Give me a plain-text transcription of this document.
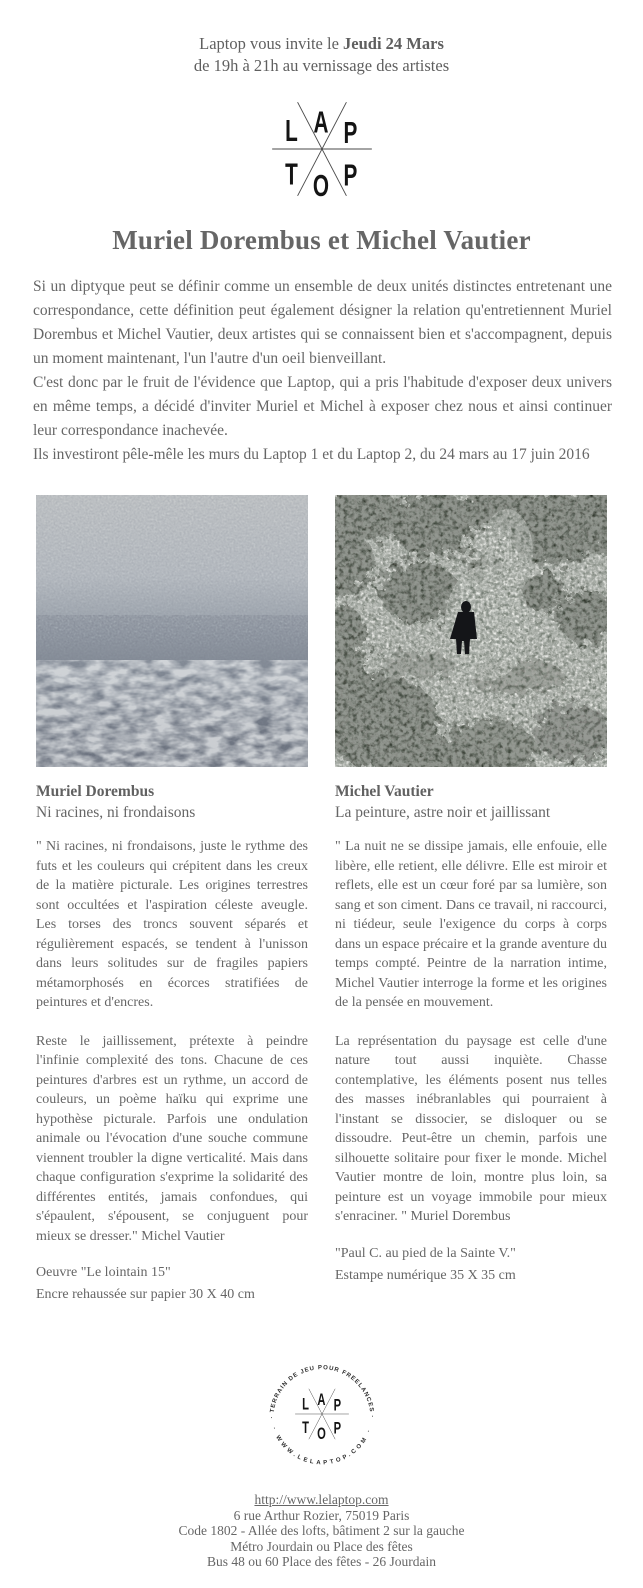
Laptop vous invite le Jeudi 24 Mars
de 19h à 21h au vernissage des artistes
L A P
T O P
Muriel Dorembus et Michel Vautier

Si un diptyque peut se définir comme un ensemble de deux unités distinctes entretenant une correspondance, cette définition peut également désigner la relation qu'entretiennent Muriel Dorembus et Michel Vautier, deux artistes qui se connaissent bien et s'accompagnent, depuis un moment maintenant, l'un l'autre d'un oeil bienveillant.

C'est donc par le fruit de l'évidence que Laptop, qui a pris l'habitude d'exposer deux univers en même temps, a décidé d'inviter Muriel et Michel à exposer chez nous et ainsi continuer leur correspondance inachevée.

Ils investiront pêle-mêle les murs du Laptop 1 et du Laptop 2, du 24 mars au 17 juin 2016

Muriel Dorembus
Ni racines, ni frondaisons

" Ni racines, ni frondaisons, juste le rythme des futs et les couleurs qui crépitent dans les creux de la matière picturale. Les origines terrestres sont occultées et l'aspiration céleste aveugle. Les torses des troncs souvent séparés et régulièrement espacés, se tendent à l'unisson dans leurs solitudes sur de fragiles papiers métamorphosés en écorces stratifiées de peintures et d'encres.

Reste le jaillissement, prétexte à peindre l'infinie complexité des tons. Chacune de ces peintures d'arbres est un rythme, un accord de couleurs, un poème haïku qui exprime une hypothèse picturale. Parfois une ondulation animale ou l'évocation d'une souche commune viennent troubler la digne verticalité. Mais dans chaque configuration s'exprime la solidarité des différentes entités, jamais confondues, qui s'épaulent, s'épousent, se conjuguent pour mieux se dresser." Michel Vautier

Oeuvre "Le lointain 15"
Encre rehaussée sur papier 30 X 40 cm
Michel Vautier
La peinture, astre noir et jaillissant

" La nuit ne se dissipe jamais, elle enfouie, elle libère, elle retient, elle délivre. Elle est miroir et reflets, elle est un cœur foré par sa lumière, son sang et son ciment. Dans ce travail, ni raccourci, ni tiédeur, seule l'exigence du corps à corps dans un espace précaire et la grande aventure du temps compté. Peintre de la narration intime, Michel Vautier interroge la forme et les origines de la pensée en mouvement.

La représentation du paysage est celle d'une nature tout aussi inquiète. Chasse contemplative, les éléments posent nus telles des masses inébranlables qui pourraient à l'instant se dissocier, se disloquer ou se dissoudre. Peut-être un chemin, parfois une silhouette solitaire pour fixer le monde. Michel Vautier montre de loin, montre plus loin, sa peinture est un voyage immobile pour mieux s'enraciner. " Muriel Dorembus

"Paul C. au pied de la Sainte V."
Estampe numérique 35 X 35 cm
· TERRAIN DE JEU POUR FREELANCES ·
· WWW.LELAPTOP.COM ·
L A P
T O P
http://www.lelaptop.com
6 rue Arthur Rozier, 75019 Paris
Code 1802 - Allée des lofts, bâtiment 2 sur la gauche
Métro Jourdain ou Place des fêtes
Bus 48 ou 60 Place des fêtes - 26 Jourdain
